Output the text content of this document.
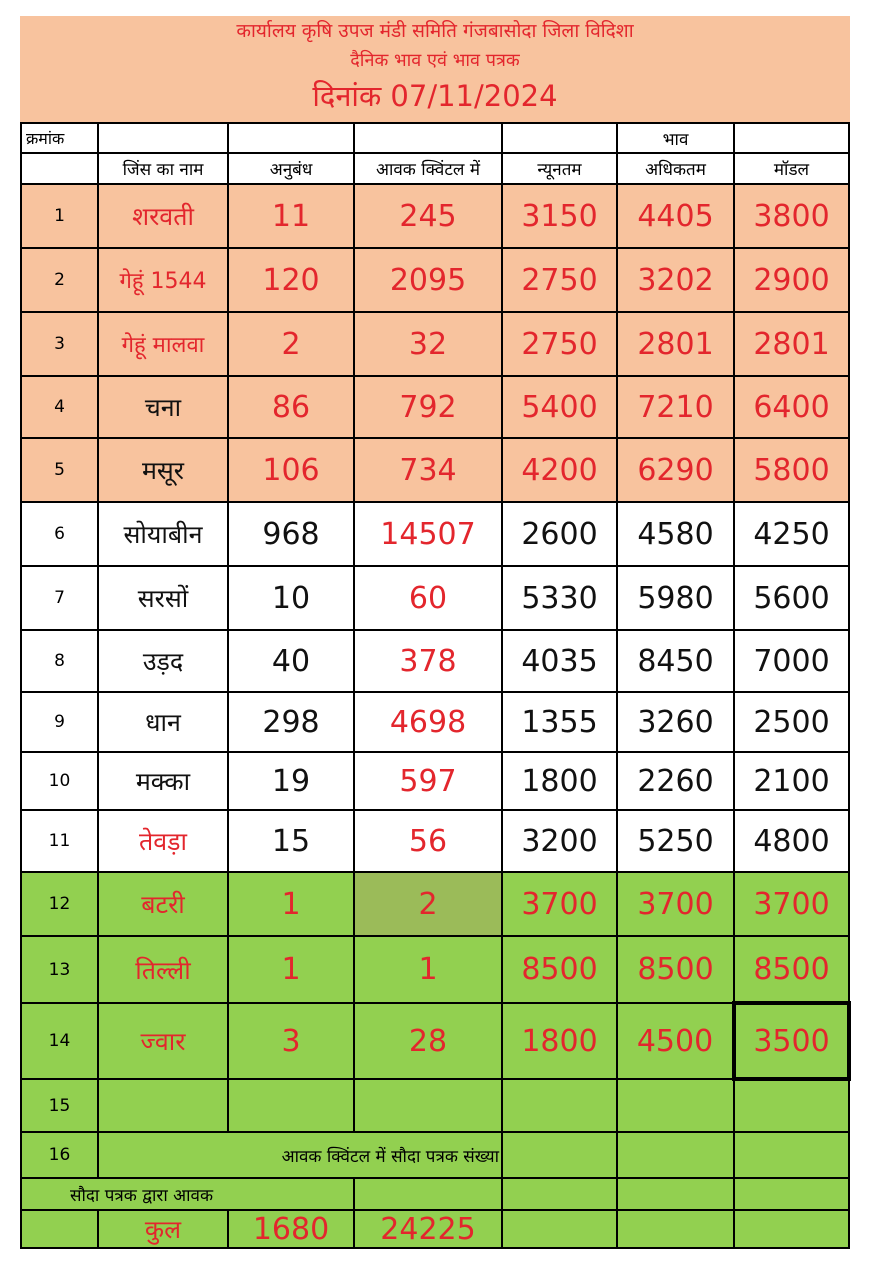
कार्यालय कृषि उपज मंडी समिति गंजबासोदा जिला विदिशा
दैनिक भाव एवं भाव पत्रक
दिनांक 07/11/2024
क्रमांक					भाव	
	जिंस का नाम	अनुबंध	आवक क्विंटल में	न्यूनतम	अधिकतम	मॉडल
1	शरवती	11	245	3150	4405	3800
2	गेहूं 1544	120	2095	2750	3202	2900
3	गेहूं मालवा	2	32	2750	2801	2801
4	चना	86	792	5400	7210	6400
5	मसूर	106	734	4200	6290	5800
6	सोयाबीन	968	14507	2600	4580	4250
7	सरसों	10	60	5330	5980	5600
8	उड़द	40	378	4035	8450	7000
9	धान	298	4698	1355	3260	2500
10	मक्का	19	597	1800	2260	2100
11	तेवड़ा	15	56	3200	5250	4800
12	बटरी	1	2	3700	3700	3700
13	तिल्ली	1	1	8500	8500	8500
14	ज्वार	3	28	1800	4500	3500
15						
16	आवक क्विंटल में सौदा पत्रक संख्या					
सौदा पत्रक द्वारा आवक						
	कुल	1680	24225			
